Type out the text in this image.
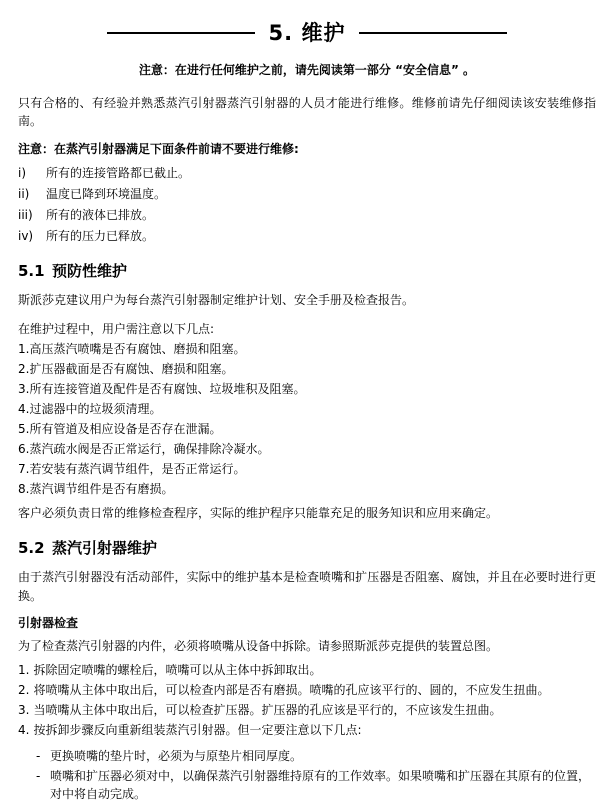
5. 维护
注意：在进行任何维护之前，请先阅读第一部分 “安全信息” 。

只有合格的、有经验并熟悉蒸汽引射器蒸汽引射器的人员才能进行维修。维修前请先仔细阅读该安装维修指南。

注意：在蒸汽引射器满足下面条件前请不要进行维修:
i)	所有的连接管路都已截止。
ii)	温度已降到环境温度。
iii)	所有的液体已排放。
iv)	所有的压力已释放。
5.1 预防性维护

斯派莎克建议用户为每台蒸汽引射器制定维护计划、安全手册及检查报告。

在维护过程中，用户需注意以下几点:

1.高压蒸汽喷嘴是否有腐蚀、磨损和阻塞。

2.扩压器截面是否有腐蚀、磨损和阻塞。

3.所有连接管道及配件是否有腐蚀、垃圾堆积及阻塞。

4.过滤器中的垃圾须清理。

5.所有管道及相应设备是否存在泄漏。

6.蒸汽疏水阀是否正常运行，确保排除冷凝水。

7.若安装有蒸汽调节组件，是否正常运行。

8.蒸汽调节组件是否有磨损。

客户必须负责日常的维修检查程序，实际的维护程序只能靠充足的服务知识和应用来确定。

5.2 蒸汽引射器维护

由于蒸汽引射器没有活动部件，实际中的维护基本是检查喷嘴和扩压器是否阻塞、腐蚀，并且在必要时进行更换。

引射器检查

为了检查蒸汽引射器的内件，必须将喷嘴从设备中拆除。请参照斯派莎克提供的装置总图。

1. 拆除固定喷嘴的螺栓后，喷嘴可以从主体中拆卸取出。
2. 将喷嘴从主体中取出后，可以检查内部是否有磨损。喷嘴的孔应该平行的、圆的，不应发生扭曲。
3. 当喷嘴从主体中取出后，可以检查扩压器。扩压器的孔应该是平行的，不应该发生扭曲。
4. 按拆卸步骤反向重新组装蒸汽引射器。但一定要注意以下几点:
- 更换喷嘴的垫片时，必须为与原垫片相同厚度。
- 喷嘴和扩压器必须对中，以确保蒸汽引射器维持原有的工作效率。如果喷嘴和扩压器在其原有的位置，对中将自动完成。
